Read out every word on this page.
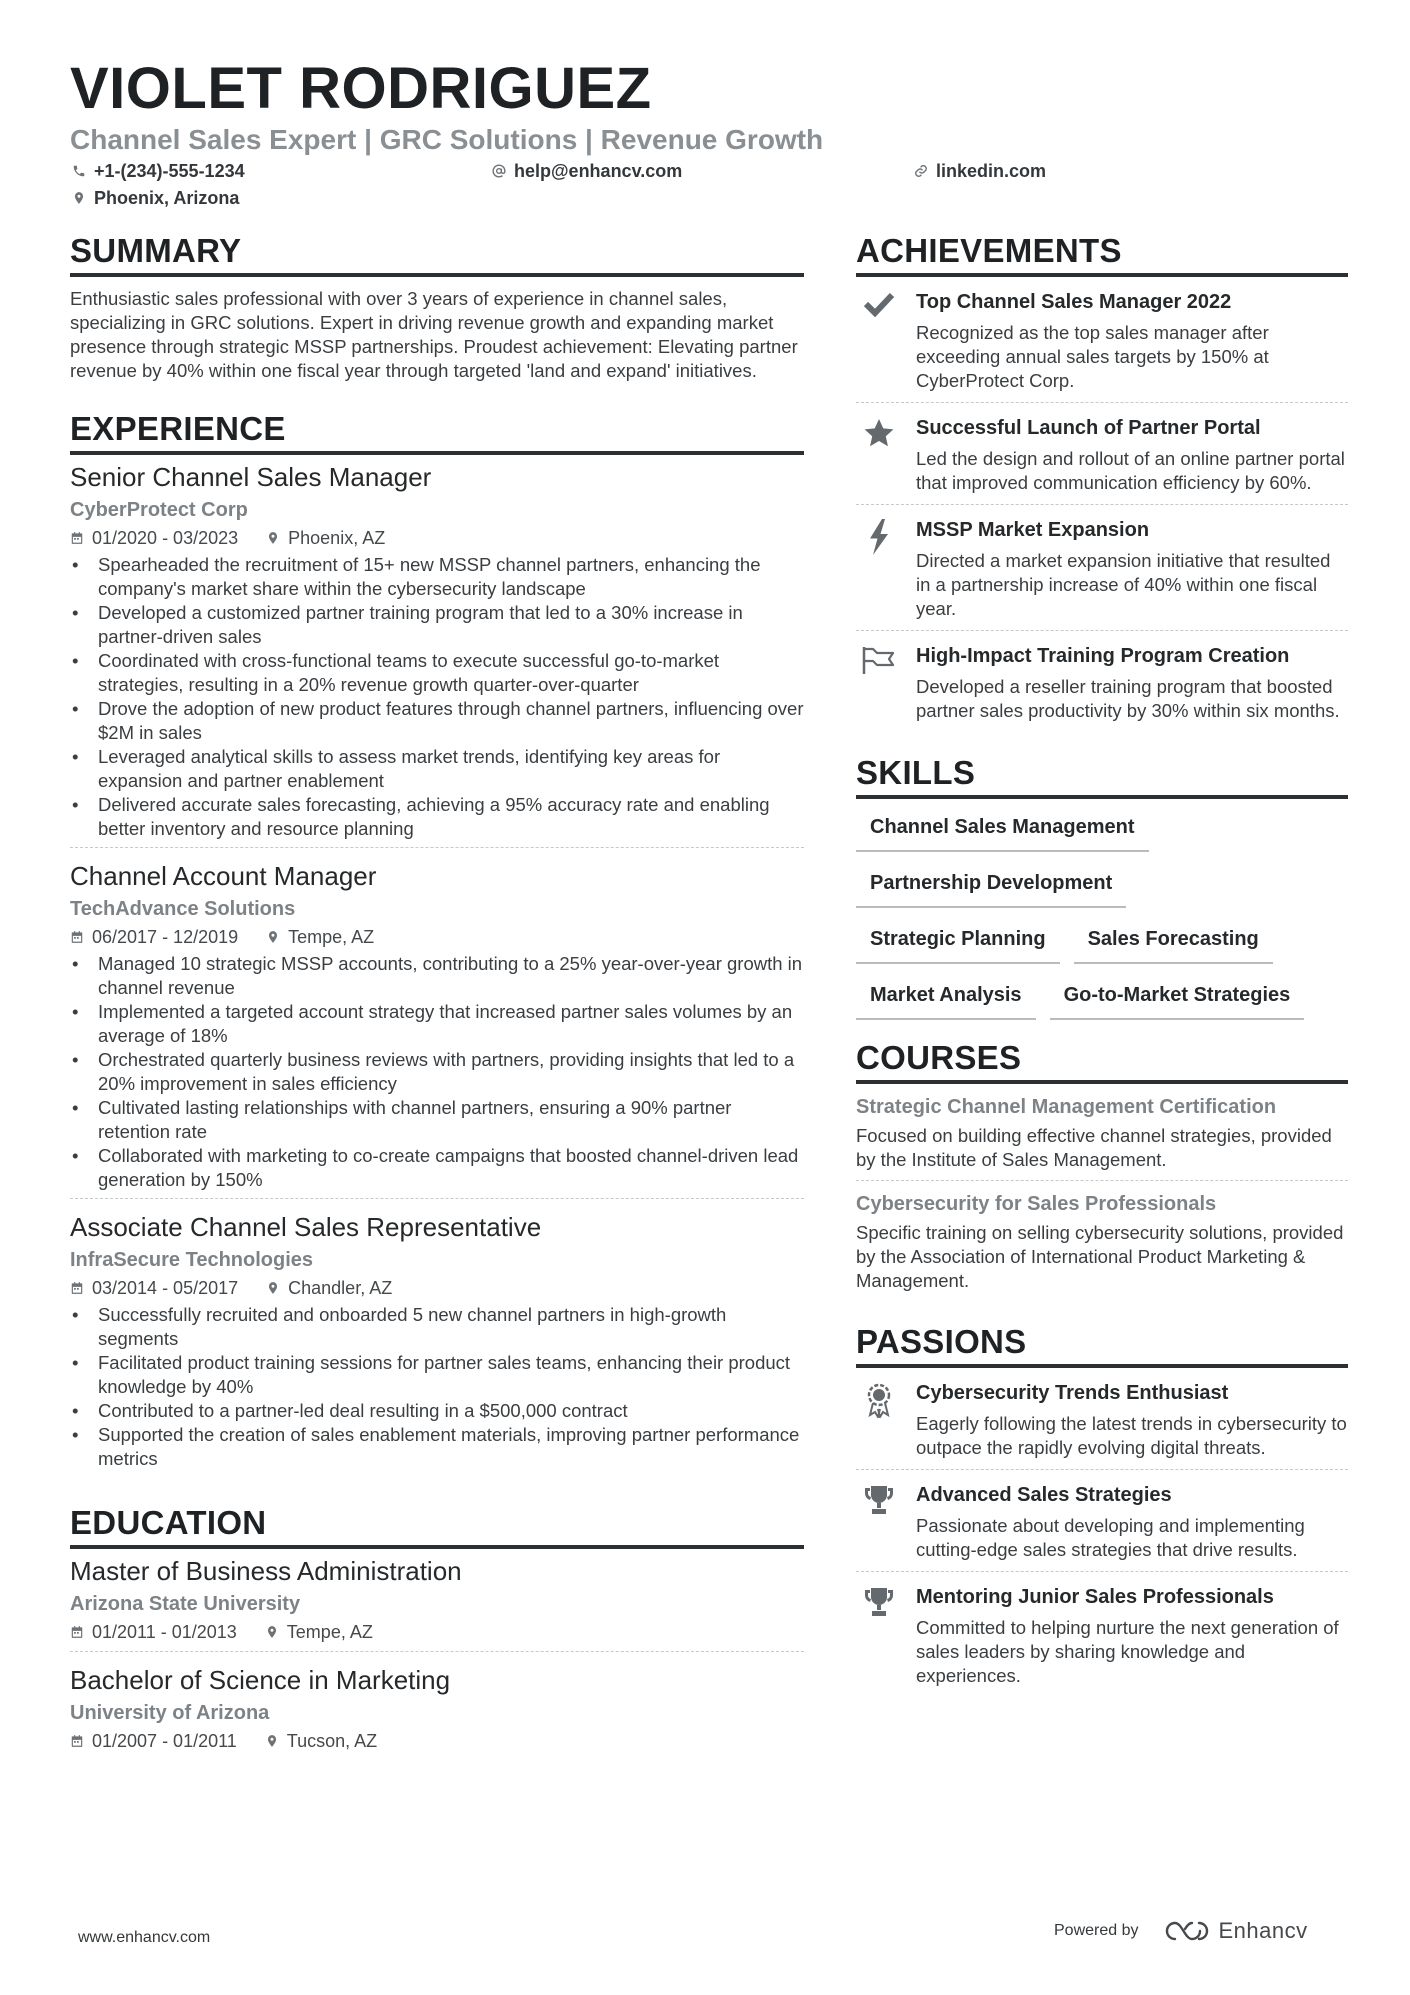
VIOLET RODRIGUEZ
Channel Sales Expert | GRC Solutions | Revenue Growth
+1-(234)-555-1234	help@enhancv.com	linkedin.com
Phoenix, Arizona
SUMMARY
Enthusiastic sales professional with over 3 years of experience in channel sales, specializing in GRC solutions. Expert in driving revenue growth and expanding market presence through strategic MSSP partnerships. Proudest achievement: Elevating partner revenue by 40% within one fiscal year through targeted 'land and expand' initiatives.
EXPERIENCE
Senior Channel Sales Manager
CyberProtect Corp
01/2020 - 03/2023	Phoenix, AZ
• Spearheaded the recruitment of 15+ new MSSP channel partners, enhancing the company's market share within the cybersecurity landscape
• Developed a customized partner training program that led to a 30% increase in partner-driven sales
• Coordinated with cross-functional teams to execute successful go-to-market strategies, resulting in a 20% revenue growth quarter-over-quarter
• Drove the adoption of new product features through channel partners, influencing over $2M in sales
• Leveraged analytical skills to assess market trends, identifying key areas for expansion and partner enablement
• Delivered accurate sales forecasting, achieving a 95% accuracy rate and enabling better inventory and resource planning
Channel Account Manager
TechAdvance Solutions
06/2017 - 12/2019	Tempe, AZ
• Managed 10 strategic MSSP accounts, contributing to a 25% year-over-year growth in channel revenue
• Implemented a targeted account strategy that increased partner sales volumes by an average of 18%
• Orchestrated quarterly business reviews with partners, providing insights that led to a 20% improvement in sales efficiency
• Cultivated lasting relationships with channel partners, ensuring a 90% partner retention rate
• Collaborated with marketing to co-create campaigns that boosted channel-driven lead generation by 150%
Associate Channel Sales Representative
InfraSecure Technologies
03/2014 - 05/2017	Chandler, AZ
• Successfully recruited and onboarded 5 new channel partners in high-growth segments
• Facilitated product training sessions for partner sales teams, enhancing their product knowledge by 40%
• Contributed to a partner-led deal resulting in a $500,000 contract
• Supported the creation of sales enablement materials, improving partner performance metrics
EDUCATION
Master of Business Administration
Arizona State University
01/2011 - 01/2013	Tempe, AZ
Bachelor of Science in Marketing
University of Arizona
01/2007 - 01/2011	Tucson, AZ
ACHIEVEMENTS
Top Channel Sales Manager 2022
Recognized as the top sales manager after exceeding annual sales targets by 150% at CyberProtect Corp.
Successful Launch of Partner Portal
Led the design and rollout of an online partner portal that improved communication efficiency by 60%.
MSSP Market Expansion
Directed a market expansion initiative that resulted in a partnership increase of 40% within one fiscal year.
High-Impact Training Program Creation
Developed a reseller training program that boosted partner sales productivity by 30% within six months.
SKILLS
Channel Sales Management
Partnership Development
Strategic Planning	Sales Forecasting
Market Analysis	Go-to-Market Strategies
COURSES
Strategic Channel Management Certification
Focused on building effective channel strategies, provided by the Institute of Sales Management.
Cybersecurity for Sales Professionals
Specific training on selling cybersecurity solutions, provided by the Association of International Product Marketing & Management.
PASSIONS
Cybersecurity Trends Enthusiast
Eagerly following the latest trends in cybersecurity to outpace the rapidly evolving digital threats.
Advanced Sales Strategies
Passionate about developing and implementing cutting-edge sales strategies that drive results.
Mentoring Junior Sales Professionals
Committed to helping nurture the next generation of sales leaders by sharing knowledge and experiences.
www.enhancv.com	Powered by	Enhancv
